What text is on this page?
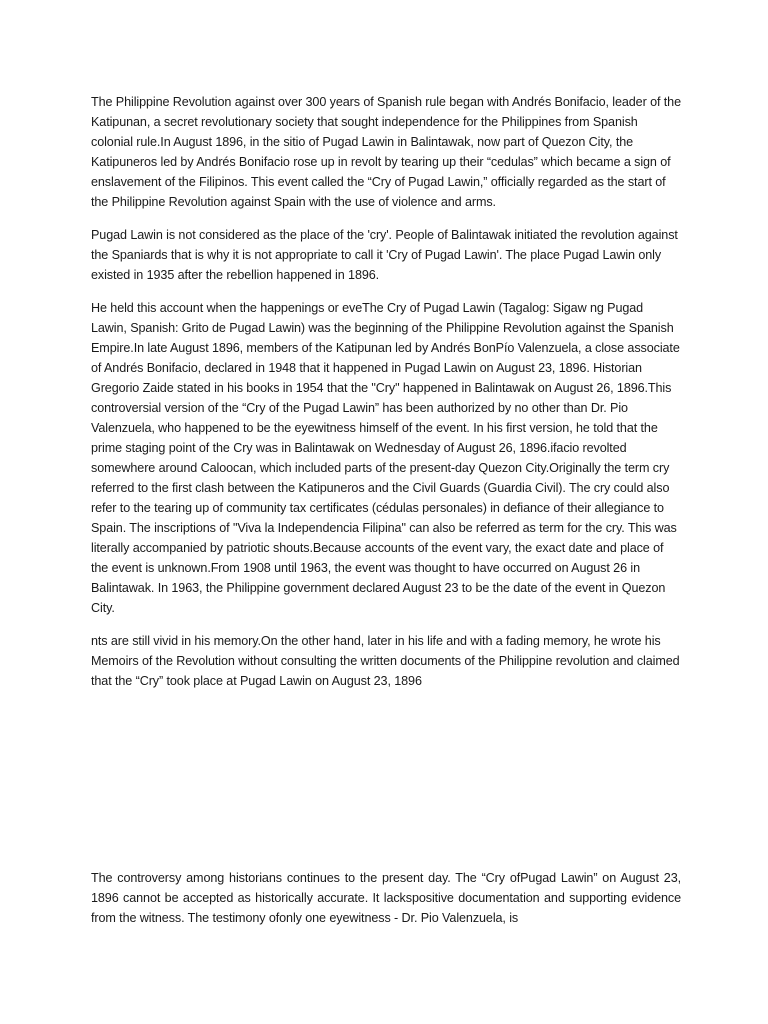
The Philippine Revolution against over 300 years of Spanish rule began with Andrés Bonifacio, leader of the Katipunan, a secret revolutionary society that sought independence for the Philippines from Spanish colonial rule.In August 1896, in the sitio of Pugad Lawin in Balintawak, now part of Quezon City, the Katipuneros led by Andrés Bonifacio rose up in revolt by tearing up their “cedulas” which became a sign of enslavement of the Filipinos. This event called the “Cry of Pugad Lawin,” officially regarded as the start of the Philippine Revolution against Spain with the use of violence and arms.

Pugad Lawin is not considered as the place of the 'cry'. People of Balintawak initiated the revolution against the Spaniards that is why it is not appropriate to call it 'Cry of Pugad Lawin'. The place Pugad Lawin only existed in 1935 after the rebellion happened in 1896.

He held this account when the happenings or eveThe Cry of Pugad Lawin (Tagalog: Sigaw ng Pugad Lawin, Spanish: Grito de Pugad Lawin) was the beginning of the Philippine Revolution against the Spanish Empire.In late August 1896, members of the Katipunan led by Andrés BonPío Valenzuela, a close associate of Andrés Bonifacio, declared in 1948 that it happened in Pugad Lawin on August 23, 1896. Historian Gregorio Zaide stated in his books in 1954 that the "Cry" happened in Balintawak on August 26, 1896.This controversial version of the “Cry of the Pugad Lawin” has been authorized by no other than Dr. Pio Valenzuela, who happened to be the eyewitness himself of the event. In his first version, he told that the prime staging point of the Cry was in Balintawak on Wednesday of August 26, 1896.ifacio revolted somewhere around Caloocan, which included parts of the present-day Quezon City.Originally the term cry referred to the first clash between the Katipuneros and the Civil Guards (Guardia Civil). The cry could also refer to the tearing up of community tax certificates (cédulas personales) in defiance of their allegiance to Spain. The inscriptions of "Viva la Independencia Filipina" can also be referred as term for the cry. This was literally accompanied by patriotic shouts.Because accounts of the event vary, the exact date and place of the event is unknown.From 1908 until 1963, the event was thought to have occurred on August 26 in Balintawak. In 1963, the Philippine government declared August 23 to be the date of the event in Quezon City.

nts are still vivid in his memory.On the other hand, later in his life and with a fading memory, he wrote his Memoirs of the Revolution without consulting the written documents of the Philippine revolution and claimed that the “Cry” took place at Pugad Lawin on August 23, 1896

The controversy among historians continues to the present day. The “Cry ofPugad Lawin” on August 23, 1896 cannot be accepted as historically accurate. It lackspositive documentation and supporting evidence from the witness. The testimony ofonly one eyewitness - Dr. Pio Valenzuela, is
